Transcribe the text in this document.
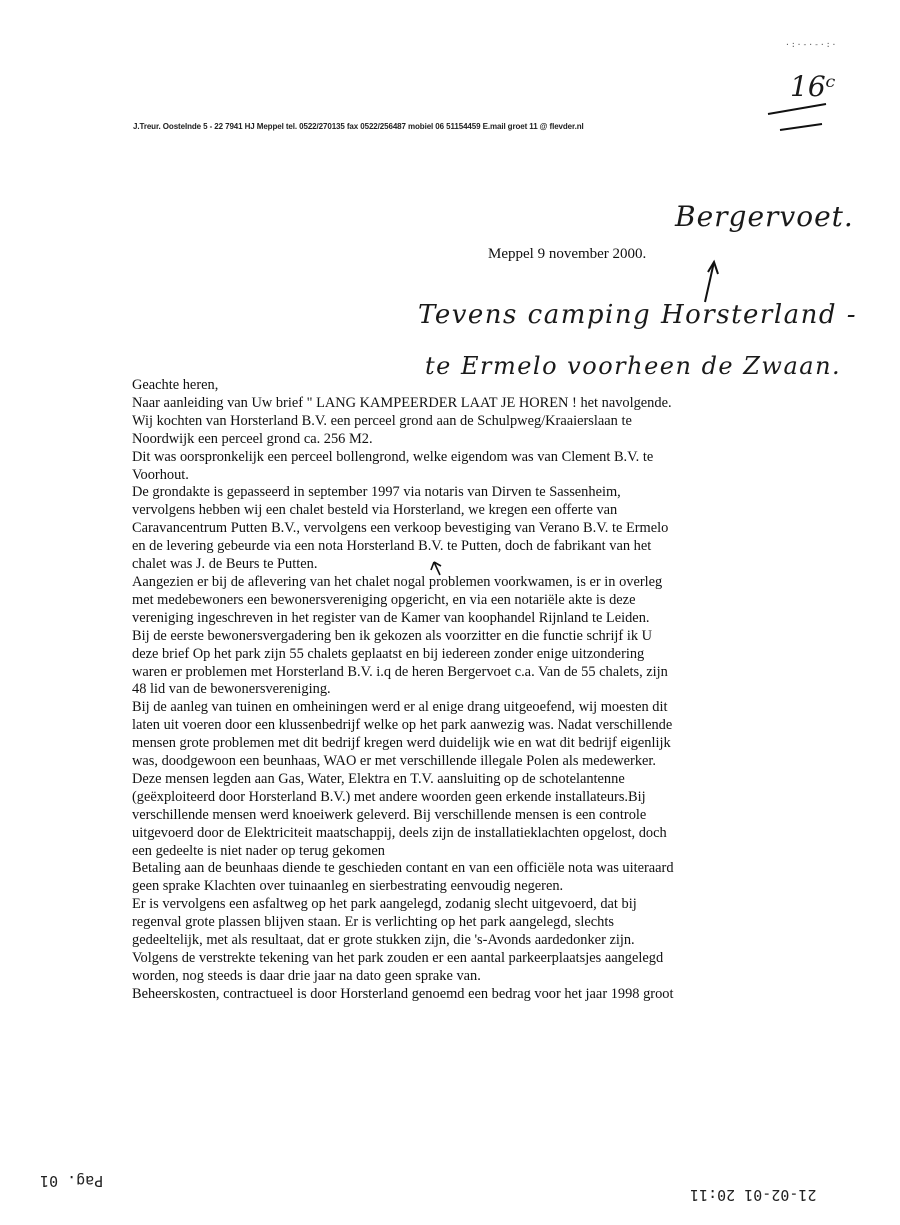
·:·-·-·:·
J.Treur. Oostelnde 5 - 22 7941 HJ Meppel tel. 0522/270135 fax 0522/256487 mobiel 06 51154459 E.mail groet 11 @ flevder.nl
16ᶜ
Bergervoet.
Tevens camping Horsterland -
te Ermelo voorheen de Zwaan.
Meppel 9 november 2000.
Geachte heren,
Naar aanleiding van Uw brief " LANG KAMPEERDER LAAT JE HOREN ! het navolgende.
Wij kochten van Horsterland B.V. een perceel grond aan de Schulpweg/Kraaierslaan te
Noordwijk een perceel grond ca. 256 M2.
Dit was oorspronkelijk een perceel bollengrond, welke eigendom was van Clement B.V. te
Voorhout.
De grondakte is gepasseerd in september 1997 via notaris van Dirven te Sassenheim,
vervolgens hebben wij een chalet besteld via Horsterland, we kregen een offerte van
Caravancentrum Putten B.V., vervolgens een verkoop bevestiging van Verano B.V. te Ermelo
en de levering gebeurde via een nota Horsterland B.V. te Putten, doch de fabrikant van het
chalet was J. de Beurs te Putten.
Aangezien er bij de aflevering van het chalet nogal problemen voorkwamen, is er in overleg
met medebewoners een bewonersvereniging opgericht, en via een notariële akte is deze
vereniging ingeschreven in het register van de Kamer van koophandel Rijnland te Leiden.
Bij de eerste bewonersvergadering ben ik gekozen als voorzitter en die functie schrijf ik U
deze brief Op het park zijn 55 chalets geplaatst en bij iedereen zonder enige uitzondering
waren er problemen met Horsterland B.V. i.q de heren Bergervoet c.a. Van de 55 chalets, zijn
48 lid van de bewonersvereniging.
Bij de aanleg van tuinen en omheiningen werd er al enige drang uitgeoefend, wij moesten dit
laten uit voeren door een klussenbedrijf welke op het park aanwezig was. Nadat verschillende
mensen grote problemen met dit bedrijf kregen werd duidelijk wie en wat dit bedrijf eigenlijk
was, doodgewoon een beunhaas, WAO er met verschillende illegale Polen als medewerker.
Deze mensen legden aan Gas, Water, Elektra en T.V. aansluiting op de schotelantenne
(geëxploiteerd door Horsterland B.V.) met andere woorden geen erkende installateurs.Bij
verschillende mensen werd knoeiwerk geleverd. Bij verschillende mensen is een controle
uitgevoerd door de Elektriciteit maatschappij, deels zijn de installatieklachten opgelost, doch
een gedeelte is niet nader op terug gekomen
Betaling aan de beunhaas diende te geschieden contant en van een officiële nota was uiteraard
geen sprake Klachten over tuinaanleg en sierbestrating eenvoudig negeren.
Er is vervolgens een asfaltweg op het park aangelegd, zodanig slecht uitgevoerd, dat bij
regenval grote plassen blijven staan. Er is verlichting op het park aangelegd, slechts
gedeeltelijk, met als resultaat, dat er grote stukken zijn, die 's-Avonds aardedonker zijn.
Volgens de verstrekte tekening van het park zouden er een aantal parkeerplaatsjes aangelegd
worden, nog steeds is daar drie jaar na dato geen sprake van.
Beheerskosten, contractueel is door Horsterland genoemd een bedrag voor het jaar 1998 groot
Pag. 01
21-02-01 20:11
